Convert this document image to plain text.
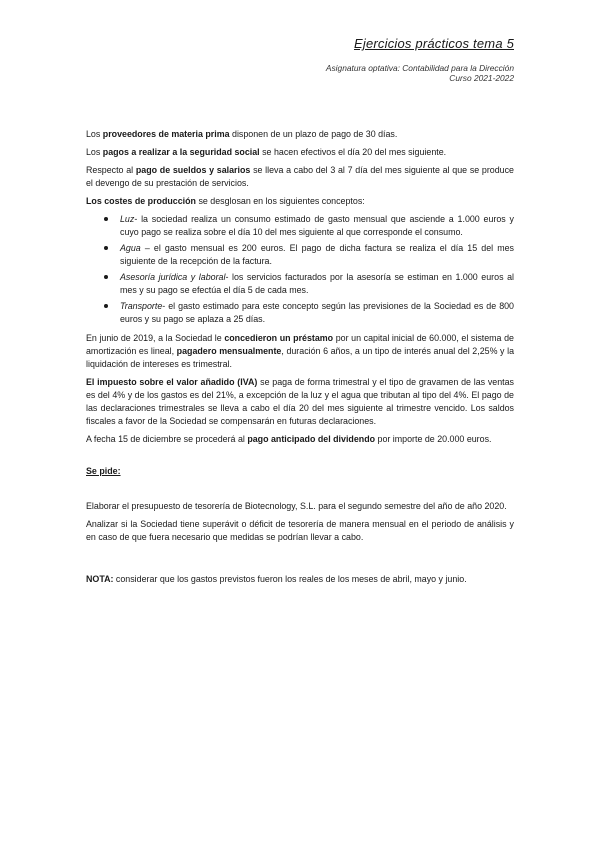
Ejercicios prácticos tema 5
Asignatura optativa: Contabilidad para la Dirección
Curso 2021-2022

Los proveedores de materia prima disponen de un plazo de pago de 30 días.

Los pagos a realizar a la seguridad social se hacen efectivos el día 20 del mes siguiente.

Respecto al pago de sueldos y salarios se lleva a cabo del 3 al 7 día del mes siguiente al que se produce el devengo de su prestación de servicios.

Los costes de producción se desglosan en los siguientes conceptos:

Luz- la sociedad realiza un consumo estimado de gasto mensual que asciende a 1.000 euros y cuyo pago se realiza sobre el día 10 del mes siguiente al que corresponde el consumo.
Agua – el gasto mensual es 200 euros. El pago de dicha factura se realiza el día 15 del mes siguiente de la recepción de la factura.
Asesoría jurídica y laboral- los servicios facturados por la asesoría se estiman en 1.000 euros al mes y su pago se efectúa el día 5 de cada mes.
Transporte- el gasto estimado para este concepto según las previsiones de la Sociedad es de 800 euros y su pago se aplaza a 25 días.

En junio de 2019, a la Sociedad le concedieron un préstamo por un capital inicial de 60.000, el sistema de amortización es lineal, pagadero mensualmente, duración 6 años, a un tipo de interés anual del 2,25% y la liquidación de intereses es trimestral.

El impuesto sobre el valor añadido (IVA) se paga de forma trimestral y el tipo de gravamen de las ventas es del 4% y de los gastos es del 21%, a excepción de la luz y el agua que tributan al tipo del 4%. El pago de las declaraciones trimestrales se lleva a cabo el día 20 del mes siguiente al trimestre vencido. Los saldos fiscales a favor de la Sociedad se compensarán en futuras declaraciones.

A fecha 15 de diciembre se procederá al pago anticipado del dividendo por importe de 20.000 euros.

Se pide:

Elaborar el presupuesto de tesorería de Biotecnology, S.L. para el segundo semestre del año de año 2020.

Analizar si la Sociedad tiene superávit o déficit de tesorería de manera mensual en el periodo de análisis y en caso de que fuera necesario que medidas se podrían llevar a cabo.

NOTA: considerar que los gastos previstos fueron los reales de los meses de abril, mayo y junio.
